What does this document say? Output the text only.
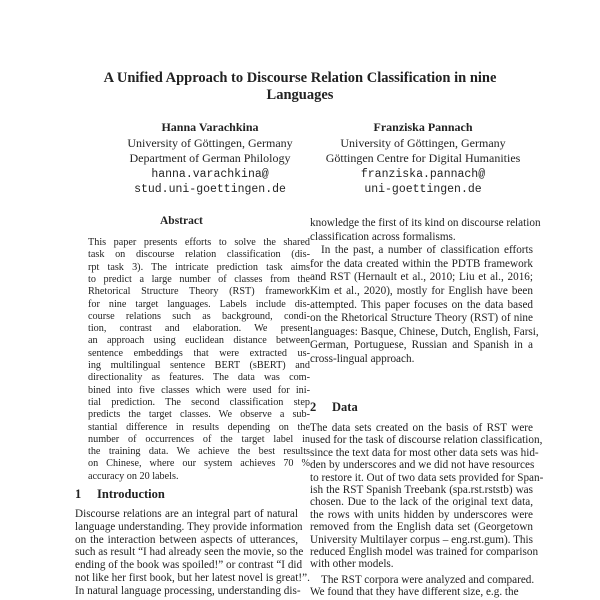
A Unified Approach to Discourse Relation Classification in nine
Languages
Hanna Varachkina
University of Göttingen, Germany
Department of German Philology
hanna.varachkina@
stud.uni-goettingen.de
Franziska Pannach
University of Göttingen, Germany
Göttingen Centre for Digital Humanities
franziska.pannach@
uni-goettingen.de
Abstract
This paper presents efforts to solve the shared
task on discourse relation classification (dis-
rpt task 3). The intricate prediction task aims
to predict a large number of classes from the
Rhetorical Structure Theory (RST) framework
for nine target languages. Labels include dis-
course relations such as background, condi-
tion, contrast and elaboration. We present
an approach using euclidean distance between
sentence embeddings that were extracted us-
ing multilingual sentence BERT (sBERT) and
directionality as features. The data was com-
bined into five classes which were used for ini-
tial prediction. The second classification step
predicts the target classes. We observe a sub-
stantial difference in results depending on the
number of occurrences of the target label in
the training data. We achieve the best results
on Chinese, where our system achieves 70 %
accuracy on 20 labels.
1 Introduction
Discourse relations are an integral part of natural
language understanding. They provide information
on the interaction between aspects of utterances,
such as result “I had already seen the movie, so the
ending of the book was spoiled!” or contrast “I did
not like her first book, but her latest novel is great!”.
In natural language processing, understanding dis-
knowledge the first of its kind on discourse relation
classification across formalisms.
In the past, a number of classification efforts
for the data created within the PDTB framework
and RST (Hernault et al., 2010; Liu et al., 2016;
Kim et al., 2020), mostly for English have been
attempted. This paper focuses on the data based
on the Rhetorical Structure Theory (RST) of nine
languages: Basque, Chinese, Dutch, English, Farsi,
German, Portuguese, Russian and Spanish in a
cross-lingual approach.
2 Data
The data sets created on the basis of RST were
used for the task of discourse relation classification,
since the text data for most other data sets was hid-
den by underscores and we did not have resources
to restore it. Out of two data sets provided for Span-
ish the RST Spanish Treebank (spa.rst.rststb) was
chosen. Due to the lack of the original text data,
the rows with units hidden by underscores were
removed from the English data set (Georgetown
University Multilayer corpus – eng.rst.gum). This
reduced English model was trained for comparison
with other models.
The RST corpora were analyzed and compared.
We found that they have different size, e.g. the
